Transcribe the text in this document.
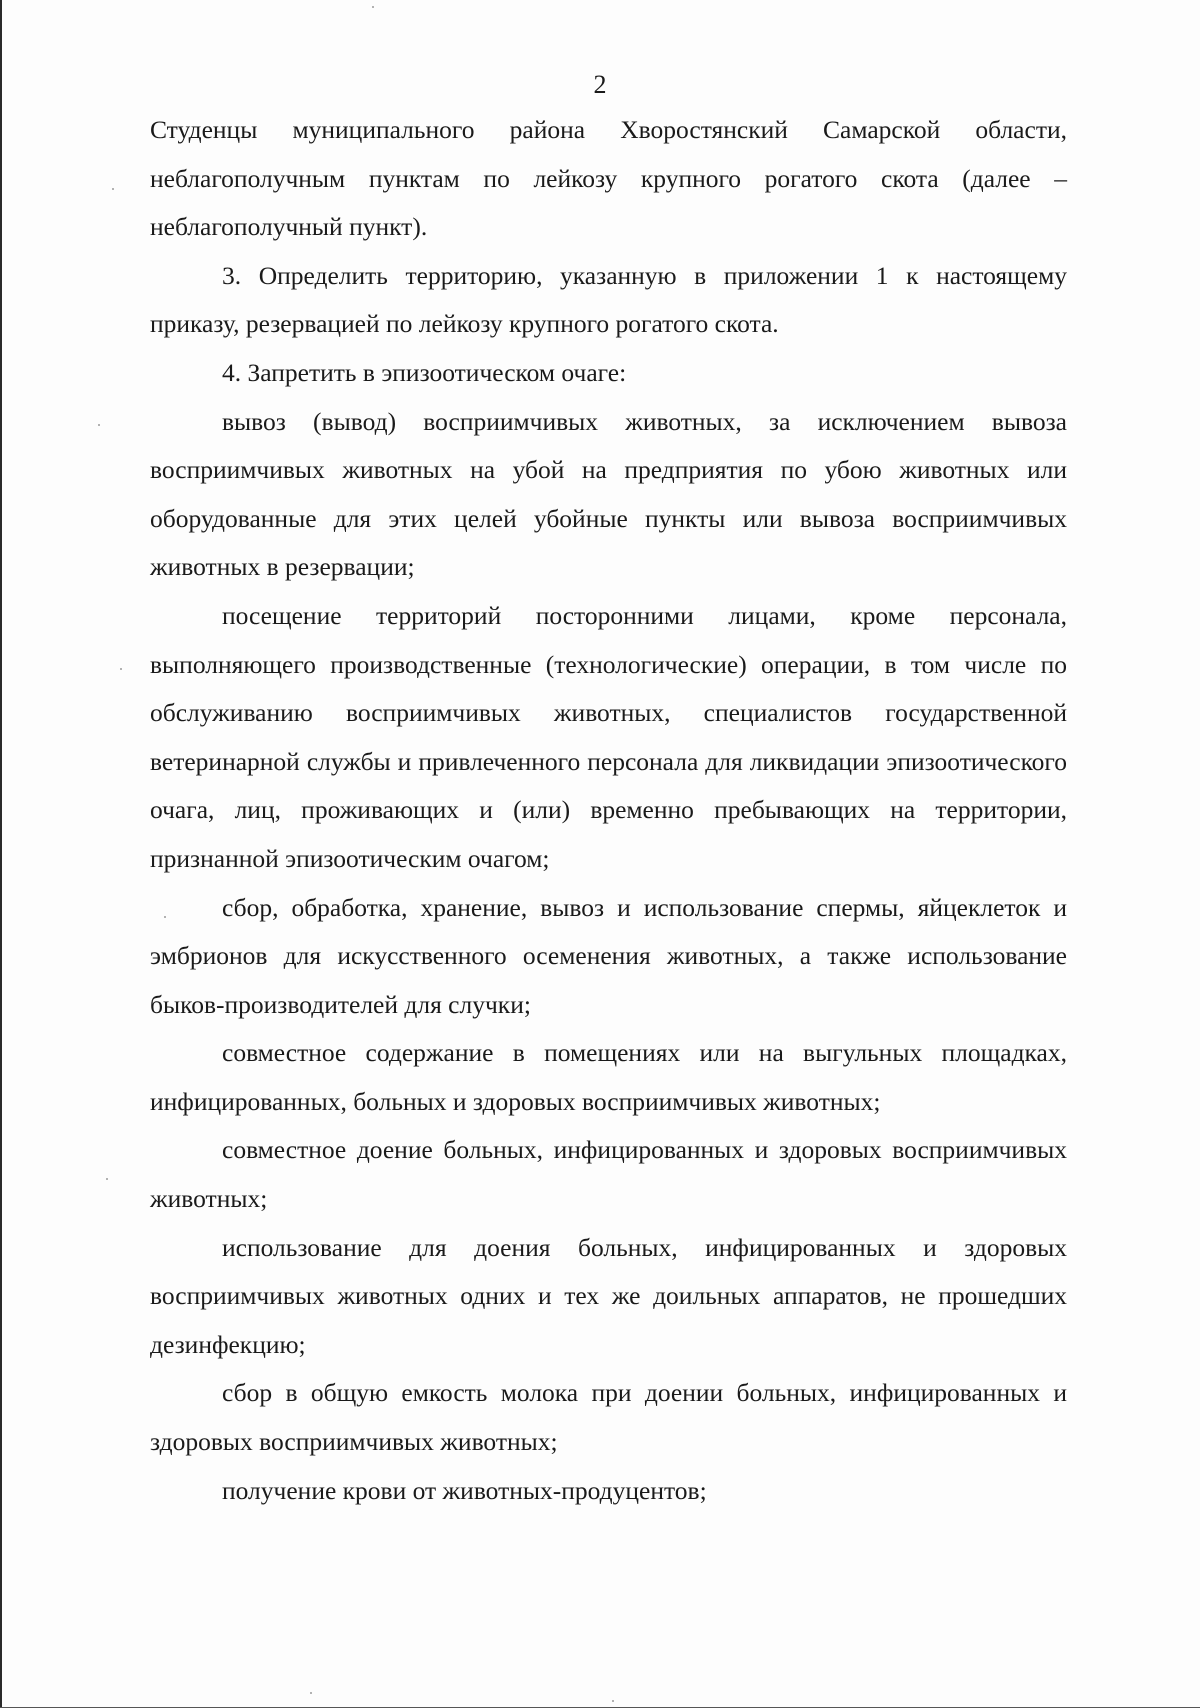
2

Студенцы муниципального района Хворостянский Самарской области, неблагополучным пунктам по лейкозу крупного рогатого скота (далее – неблагополучный пункт).

3. Определить территорию, указанную в приложении 1 к настоящему приказу, резервацией по лейкозу крупного рогатого скота.

4. Запретить в эпизоотическом очаге:

вывоз (вывод) восприимчивых животных, за исключением вывоза восприимчивых животных на убой на предприятия по убою животных или оборудованные для этих целей убойные пункты или вывоза восприимчивых животных в резервации;

посещение территорий посторонними лицами, кроме персонала, выполняющего производственные (технологические) операции, в том числе по обслуживанию восприимчивых животных, специалистов государственной ветеринарной службы и привлеченного персонала для ликвидации эпизоотического очага, лиц, проживающих и (или) временно пребывающих на территории, признанной эпизоотическим очагом;

сбор, обработка, хранение, вывоз и использование спермы, яйцеклеток и эмбрионов для искусственного осеменения животных, а также использование быков-производителей для случки;

совместное содержание в помещениях или на выгульных площадках, инфицированных, больных и здоровых восприимчивых животных;

совместное доение больных, инфицированных и здоровых восприимчивых животных;

использование для доения больных, инфицированных и здоровых восприимчивых животных одних и тех же доильных аппаратов, не прошедших дезинфекцию;

сбор в общую емкость молока при доении больных, инфицированных и здоровых восприимчивых животных;

получение крови от животных-продуцентов;
